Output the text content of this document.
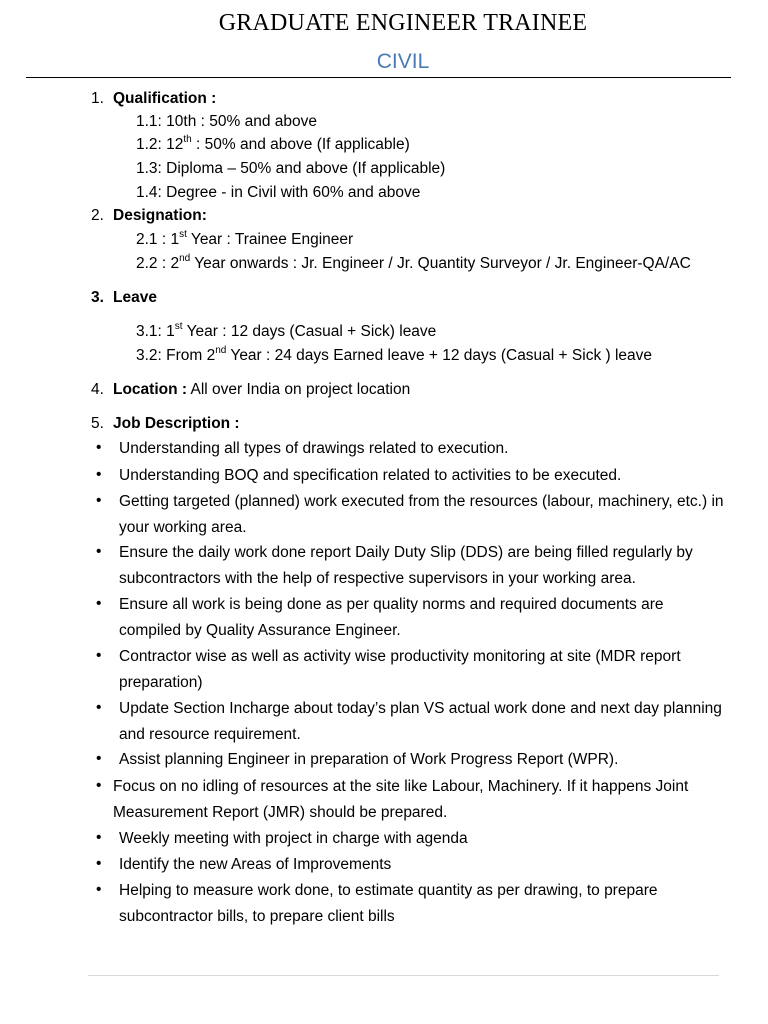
GRADUATE ENGINEER TRAINEE
CIVIL
1. Qualification :
1.1: 10th : 50% and above
1.2: 12th : 50% and above (If applicable)
1.3: Diploma – 50% and above (If applicable)
1.4: Degree - in Civil with 60% and above
2. Designation:
2.1 : 1st Year : Trainee Engineer
2.2 : 2nd Year onwards : Jr. Engineer / Jr. Quantity Surveyor / Jr. Engineer-QA/AC
3. Leave
3.1: 1st Year : 12 days (Casual + Sick) leave
3.2: From 2nd Year : 24 days Earned leave + 12 days (Casual + Sick ) leave
4. Location : All over India on project location
5. Job Description :
•	Understanding all types of drawings related to execution.
•	Understanding BOQ and specification related to activities to be executed.
•	Getting targeted (planned) work executed from the resources (labour, machinery, etc.) in your working area.
•	Ensure the daily work done report Daily Duty Slip (DDS) are being filled regularly by subcontractors with the help of respective supervisors in your working area.
•	Ensure all work is being done as per quality norms and required documents are compiled by Quality Assurance Engineer.
•	Contractor wise as well as activity wise productivity monitoring at site (MDR report preparation)
•	Update Section Incharge about today’s plan VS actual work done and next day planning and resource requirement.
•	Assist planning Engineer in preparation of Work Progress Report (WPR).
• Focus on no idling of resources at the site like Labour, Machinery. If it happens Joint Measurement Report (JMR) should be prepared.
•	Weekly meeting with project in charge with agenda
•	Identify the new Areas of Improvements
•	Helping to measure work done, to estimate quantity as per drawing, to prepare subcontractor bills, to prepare client bills
